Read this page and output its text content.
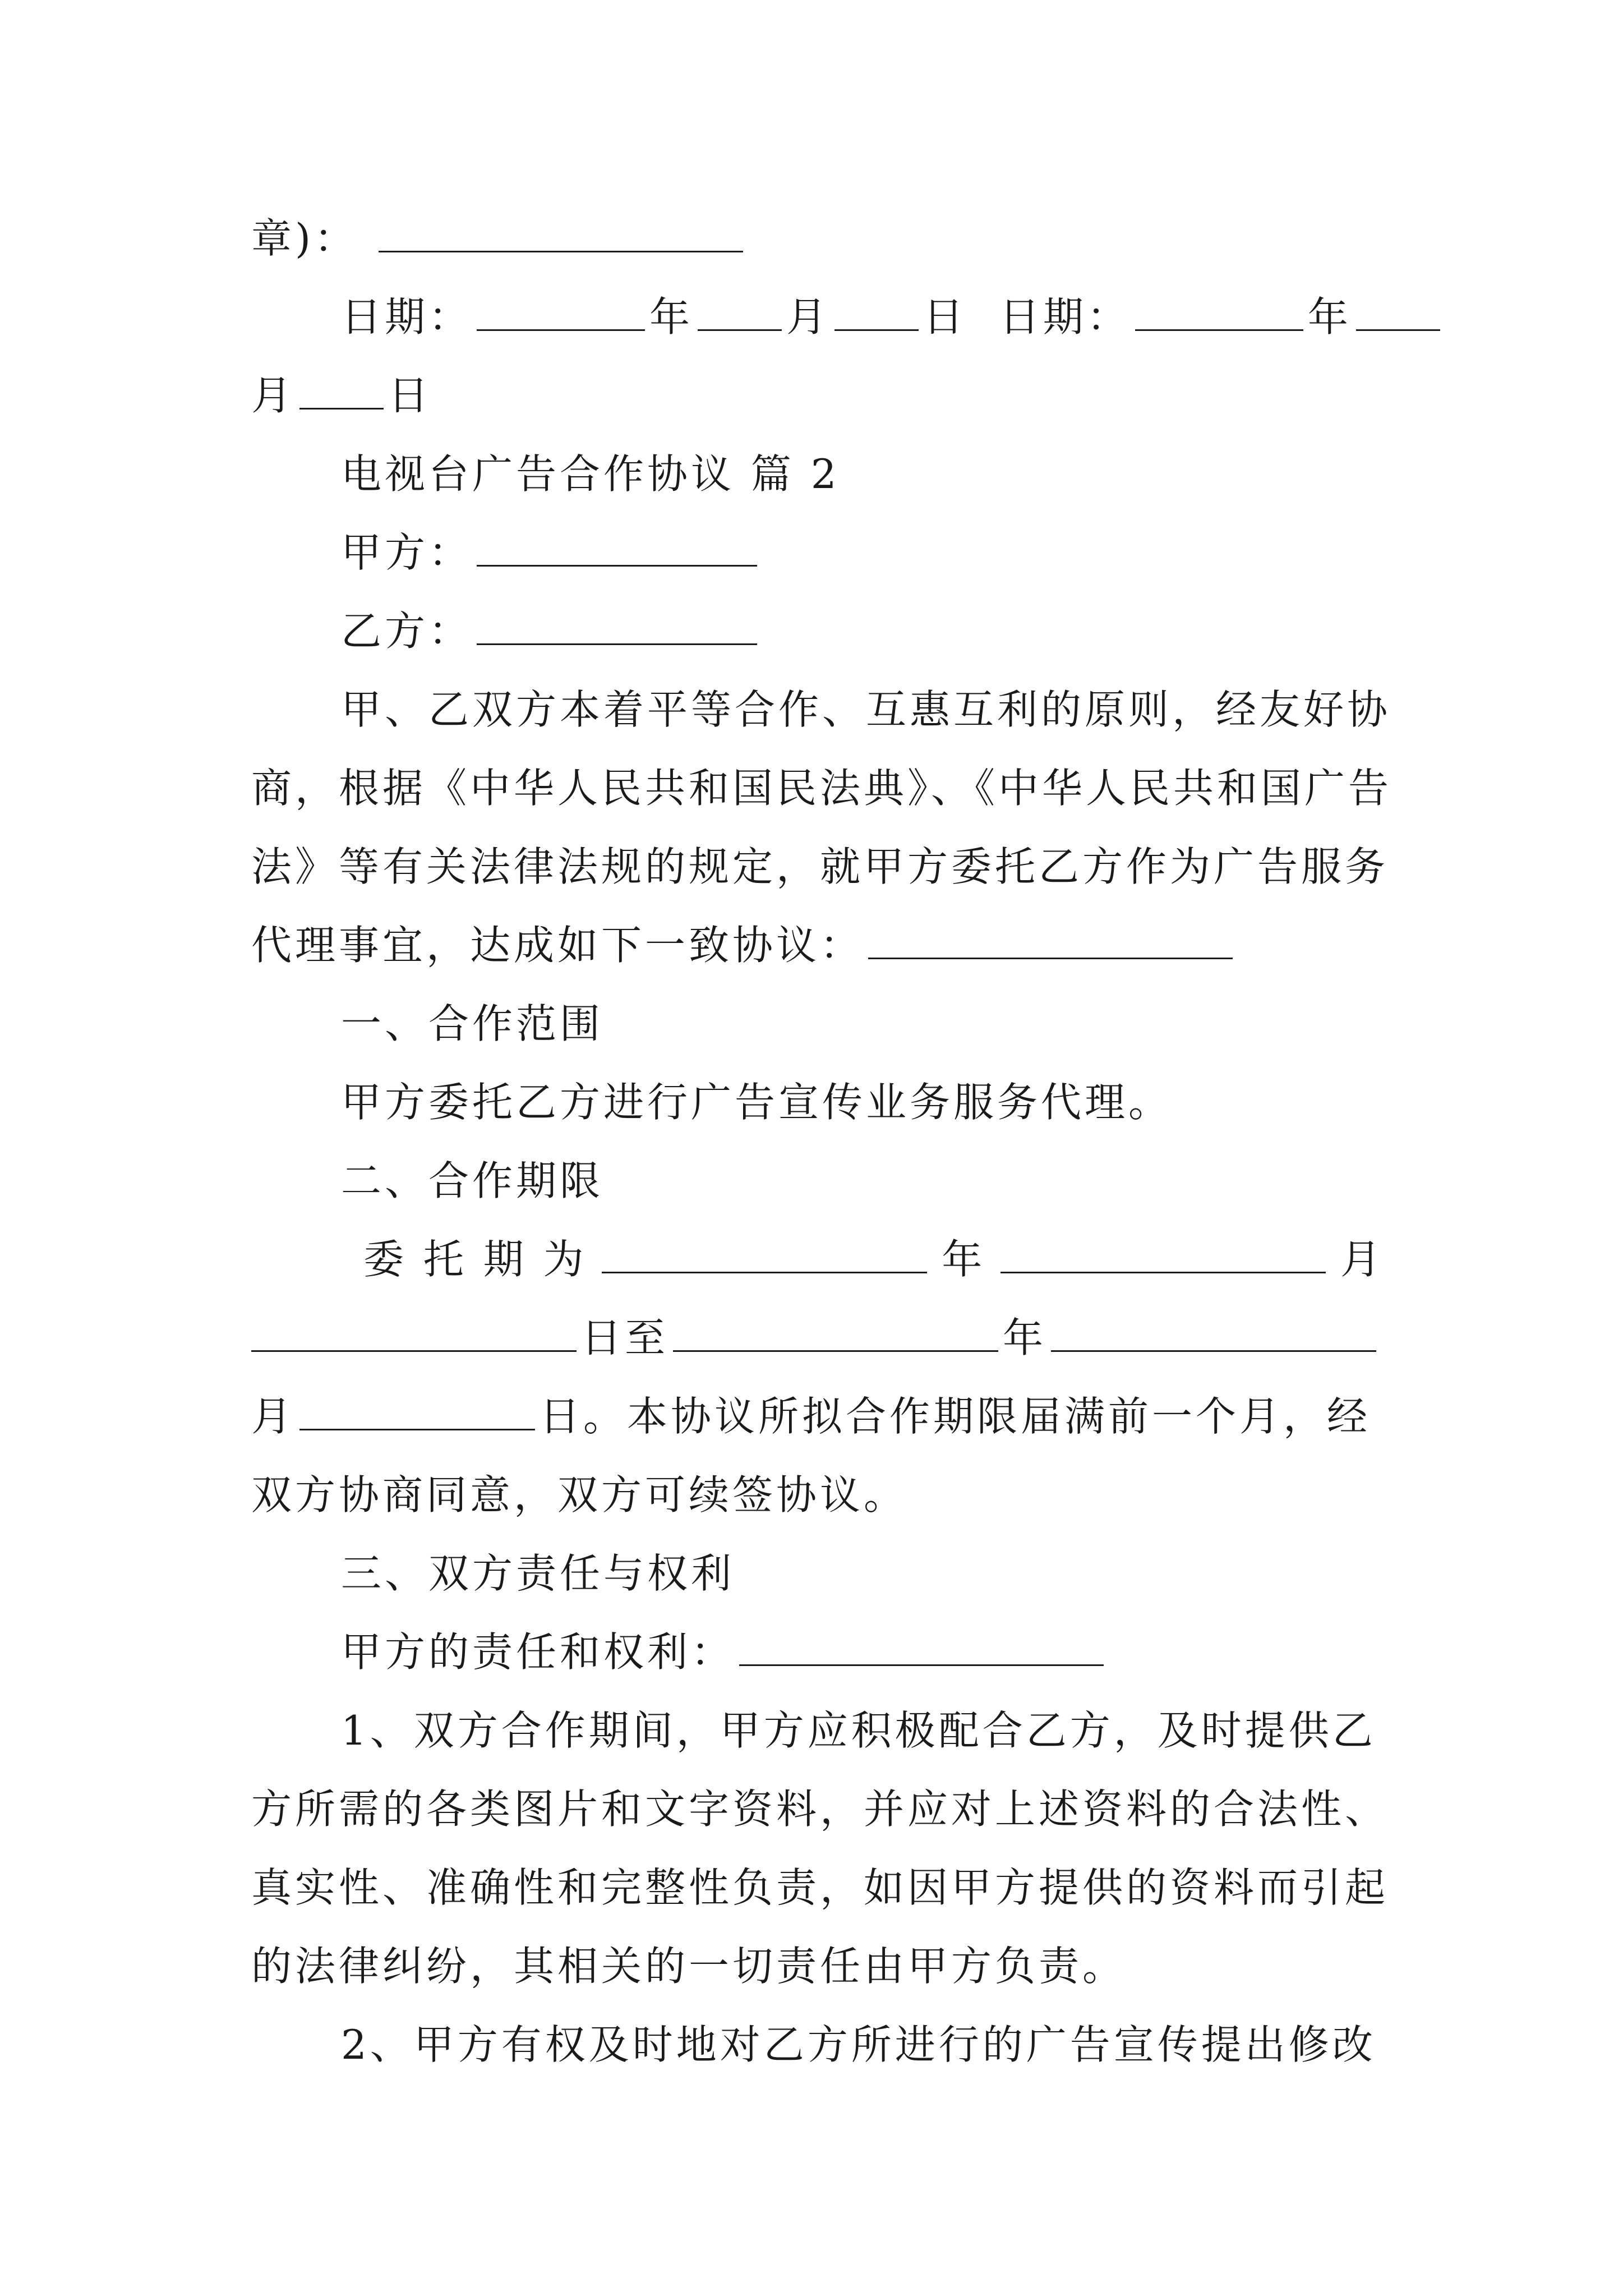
章)：
日期：	年 月 日 日期：	年
月 日
电视台广告合作协议 篇 2
甲方：
乙方：
甲、乙双方本着平等合作、互惠互利的原则，经友好协
商，根据《中华人民共和国民法典》、《中华人民共和国广告
法》等有关法律法规的规定，就甲方委托乙方作为广告服务
代理事宜，达成如下一致协议：
一、合作范围
甲方委托乙方进行广告宣传业务服务代理。
二、合作期限
委 托 期 为	年	月
日至	年
月	日。本协议所拟合作期限届满前一个月，经
双方协商同意，双方可续签协议。
三、双方责任与权利
甲方的责任和权利：
1、双方合作期间，甲方应积极配合乙方，及时提供乙
方所需的各类图片和文字资料，并应对上述资料的合法性、
真实性、准确性和完整性负责，如因甲方提供的资料而引起
的法律纠纷，其相关的一切责任由甲方负责。
2、甲方有权及时地对乙方所进行的广告宣传提出修改
